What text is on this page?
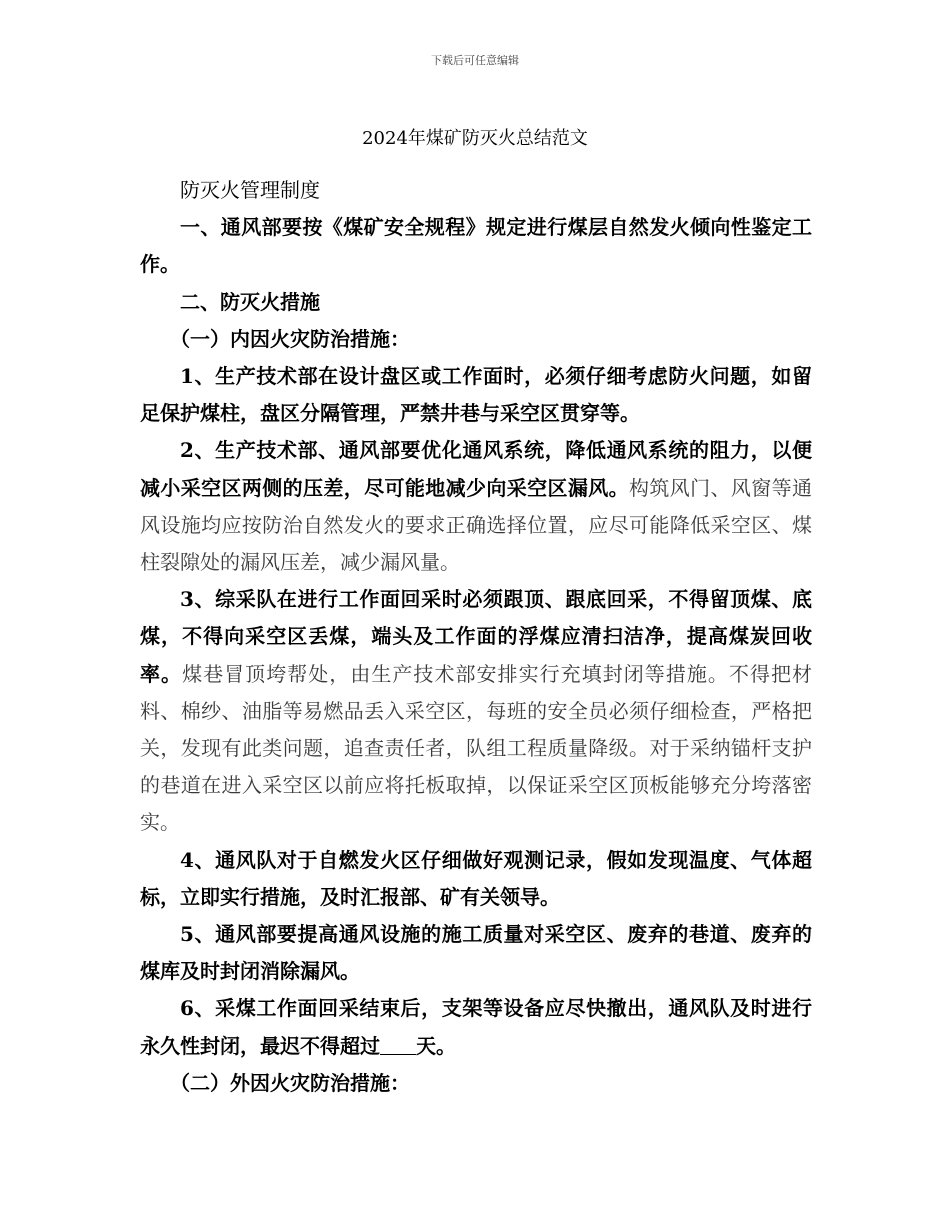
下载后可任意编辑
2024年煤矿防灭火总结范文

防灭火管理制度

一、通风部要按《煤矿安全规程》规定进行煤层自然发火倾向性鉴定工作。

二、防灭火措施

（一）内因火灾防治措施：

1、生产技术部在设计盘区或工作面时，必须仔细考虑防火问题，如留足保护煤柱，盘区分隔管理，严禁井巷与采空区贯穿等。

2、生产技术部、通风部要优化通风系统，降低通风系统的阻力，以便减小采空区两侧的压差，尽可能地减少向采空区漏风。构筑风门、风窗等通风设施均应按防治自然发火的要求正确选择位置，应尽可能降低采空区、煤柱裂隙处的漏风压差，减少漏风量。

3、综采队在进行工作面回采时必须跟顶、跟底回采，不得留顶煤、底煤，不得向采空区丢煤，端头及工作面的浮煤应清扫洁净，提高煤炭回收率。煤巷冒顶垮帮处，由生产技术部安排实行充填封闭等措施。不得把材料、棉纱、油脂等易燃品丢入采空区，每班的安全员必须仔细检查，严格把关，发现有此类问题，追查责任者，队组工程质量降级。对于采纳锚杆支护的巷道在进入采空区以前应将托板取掉，以保证采空区顶板能够充分垮落密实。

4、通风队对于自燃发火区仔细做好观测记录，假如发现温度、气体超标，立即实行措施，及时汇报部、矿有关领导。

5、通风部要提高通风设施的施工质量对采空区、废弃的巷道、废弃的煤库及时封闭消除漏风。

6、采煤工作面回采结束后，支架等设备应尽快撤出，通风队及时进行永久性封闭，最迟不得超过 天。

（二）外因火灾防治措施：
